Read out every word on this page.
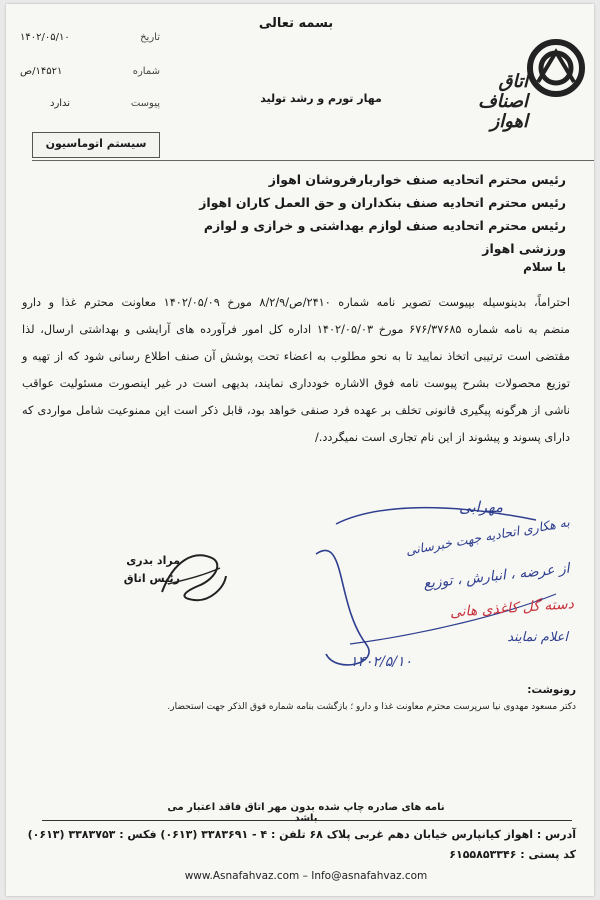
بسمه تعالی
۱۴۰۲/۰۵/۱۰	تاریخ
۱۴۵۲۱/ص	شماره
ندارد	پیوست	مهار تورم و رشد تولید
اتاق اصناف اهواز
سیستم اتوماسیون
رئیس محترم اتحادیه صنف خواربارفروشان اهواز
رئیس محترم اتحادیه صنف بنکداران و حق العمل کاران اهواز
رئیس محترم اتحادیه صنف لوازم بهداشتی و خرازی و لوازم ورزشی اهواز
با سلام
احتراماً، بدینوسیله بپیوست تصویر نامه شماره ۲۴۱۰/ص/۸/۲/۹ مورخ ۱۴۰۲/۰۵/۰۹ معاونت محترم غذا و دارو
منضم به نامه شماره ۶۷۶/۳۷۶۸۵ مورخ ۱۴۰۲/۰۵/۰۳ اداره کل امور فرآورده های آرایشی و بهداشتی ارسال، لذا
مقتضی است ترتیبی اتخاذ نمایید تا به نحو مطلوب به اعضاء تحت پوشش آن صنف اطلاع رسانی شود که از تهیه و
توزیع محصولات بشرح پیوست نامه فوق الاشاره خودداری نمایند، بدیهی است در غیر اینصورت مسئولیت عواقب
ناشی از هرگونه پیگیری قانونی تخلف بر عهده فرد صنفی خواهد بود، قابل ذکر است این ممنوعیت شامل مواردی که
دارای پسوند و پیشوند از این نام تجاری است نمیگردد./
مراد بدری
رئیس اتاق
مهرابی
به هکاری اتحادیه جهت خبرسانی
از عرضه ، انبارش ، توزیع
دسته گل کاغذی هانی
اعلام نمایند
۱۴۰۲/۵/۱۰
رونوشت:
دکتر مسعود مهدوی نیا سرپرست محترم معاونت غذا و دارو ؛ بازگشت بنامه شماره فوق الذکر جهت استحضار.
نامه های صادره چاپ شده بدون مهر اتاق فاقد اعتبار می باشد
آدرس : اهواز کیانپارس خیابان دهم غربی پلاک ۶۸ تلفن : ۴ - ۳۳۸۳۶۹۱ (۰۶۱۳) فکس : ۳۳۸۳۷۵۳ (۰۶۱۳)
کد پستی : ۶۱۵۵۸۵۳۳۴۶
www.Asnafahvaz.com – Info@asnafahvaz.com
